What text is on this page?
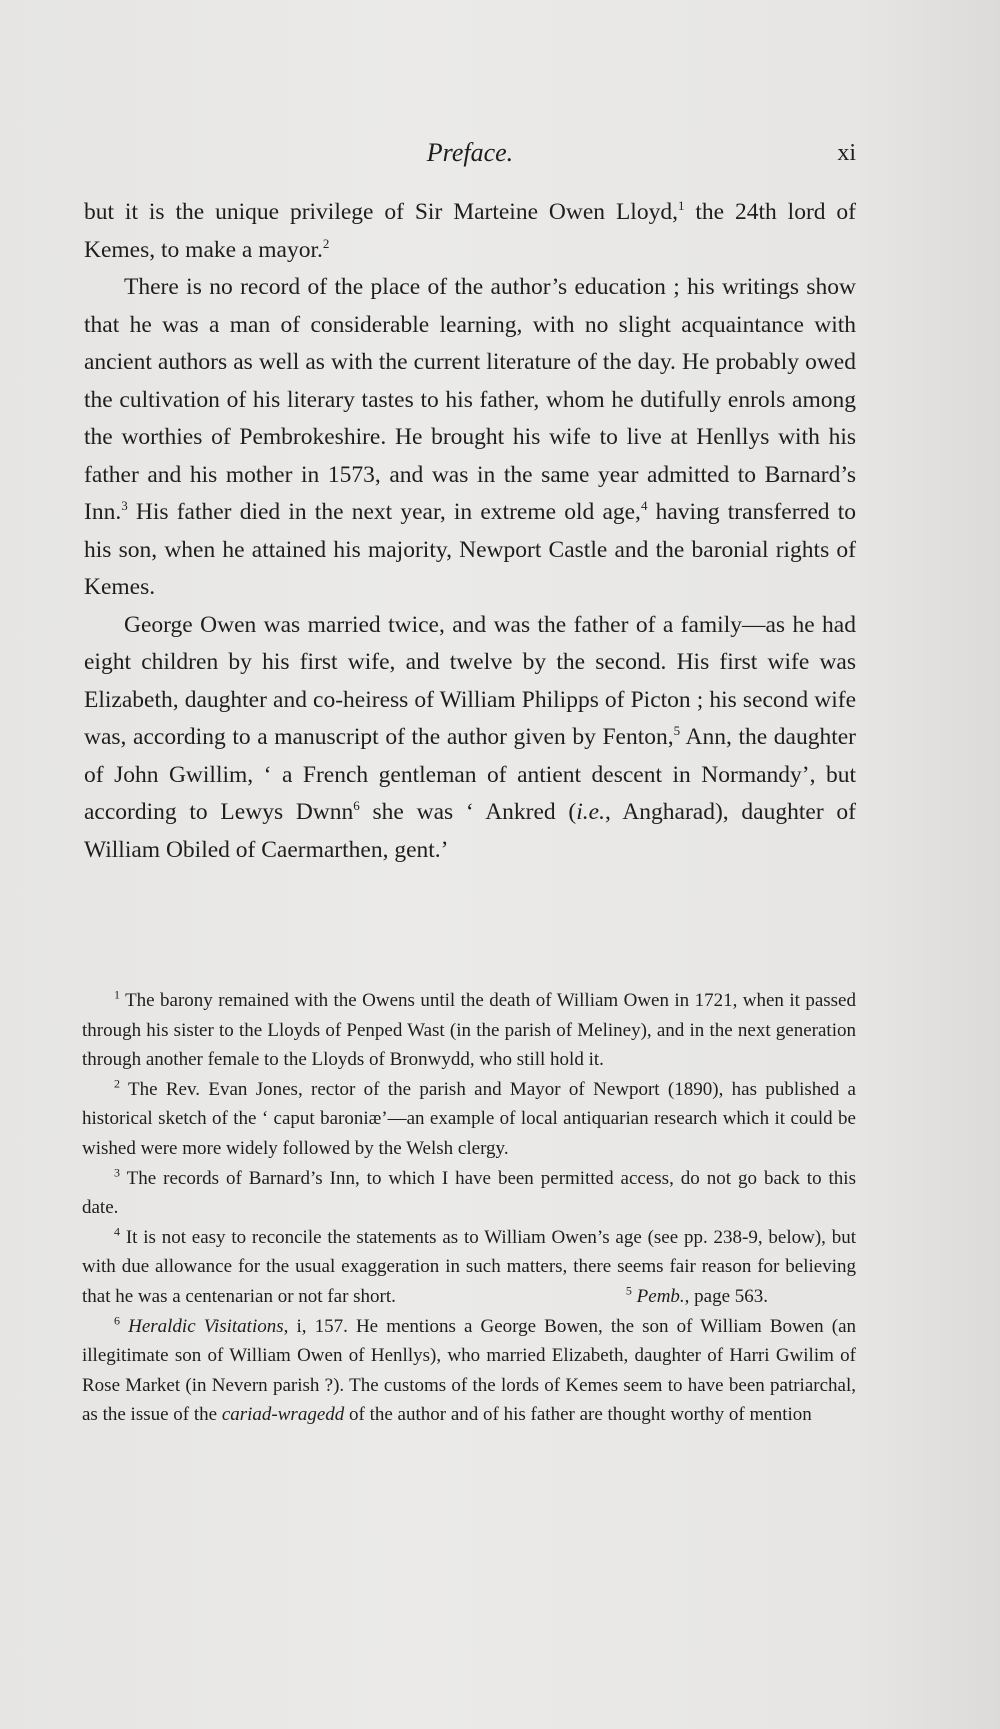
Preface.	xi

but it is the unique privilege of Sir Marteine Owen Lloyd,$^1$ the 24th lord of Kemes, to make a mayor.$^2$

There is no record of the place of the author’s education ; his writings show that he was a man of considerable learning, with no slight acquaintance with ancient authors as well as with the current literature of the day. He probably owed the cultivation of his literary tastes to his father, whom he dutifully enrols among the worthies of Pembrokeshire. He brought his wife to live at Henllys with his father and his mother in 1573, and was in the same year admitted to Barnard’s Inn.$^3$ His father died in the next year, in extreme old age,$^4$ having transferred to his son, when he attained his majority, Newport Castle and the baronial rights of Kemes.

George Owen was married twice, and was the father of a family—as he had eight children by his first wife, and twelve by the second. His first wife was Elizabeth, daughter and co-heiress of William Philipps of Picton ; his second wife was, according to a manuscript of the author given by Fenton,$^5$ Ann, the daughter of John Gwillim, ‘ a French gentleman of antient descent in Normandy’, but according to Lewys Dwnn$^6$ she was ‘ Ankred (i.e., Angharad), daughter of William Obiled of Caermarthen, gent.’

$^1$ The barony remained with the Owens until the death of William Owen in 1721, when it passed through his sister to the Lloyds of Penped Wast (in the parish of Meliney), and in the next generation through another female to the Lloyds of Bronwydd, who still hold it.

$^2$ The Rev. Evan Jones, rector of the parish and Mayor of Newport (1890), has published a historical sketch of the ‘ caput baroniæ’—an example of local antiquarian research which it could be wished were more widely followed by the Welsh clergy.

$^3$ The records of Barnard’s Inn, to which I have been permitted access, do not go back to this date.

$^4$ It is not easy to reconcile the statements as to William Owen’s age (see pp. 238-9, below), but with due allowance for the usual exaggeration in such matters, there seems fair reason for believing that he was a centenarian or not far short.	$^5$ Pemb., page 563.

$^6$ Heraldic Visitations, i, 157. He mentions a George Bowen, the son of William Bowen (an illegitimate son of William Owen of Henllys), who married Elizabeth, daughter of Harri Gwilim of Rose Market (in Nevern parish ?). The customs of the lords of Kemes seem to have been patriarchal, as the issue of the cariad-wragedd of the author and of his father are thought worthy of mention
